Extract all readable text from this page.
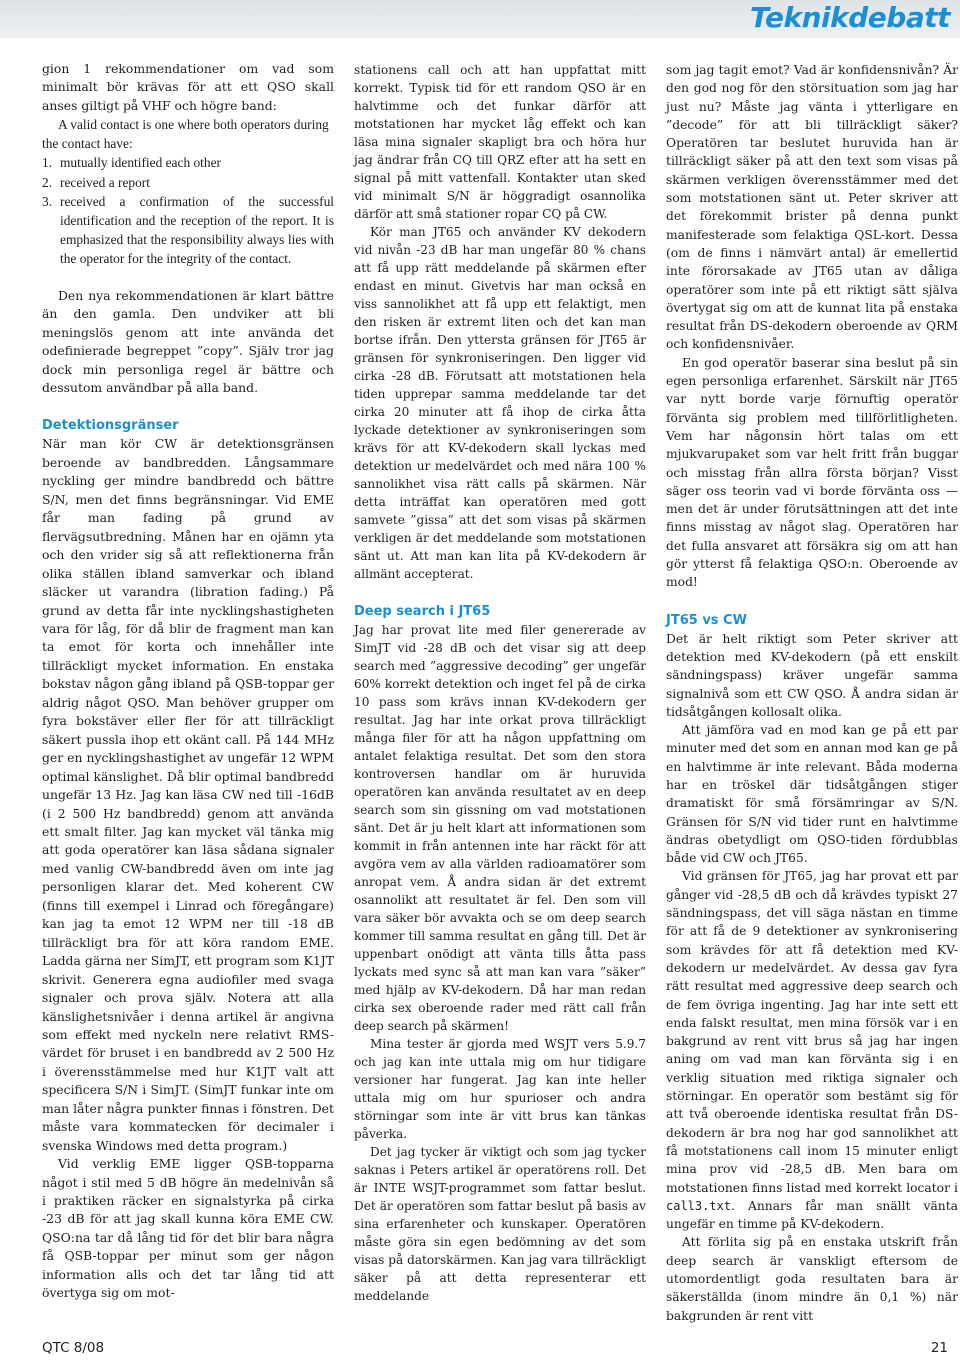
Teknikdebatt

gion 1 rekommendationer om vad som minimalt bör krävas för att ett QSO skall anses giltigt på VHF och högre band:

A valid contact is one where both operators during the contact have:

1. mutually identified each other
2. received a report
3. received a confirmation of the successful identification and the reception of the report. It is emphasized that the responsibility always lies with the operator for the integrity of the contact.

Den nya rekommendationen är klart bättre än den gamla. Den undviker att bli meningslös genom att inte använda det odefinierade begreppet ”copy”. Själv tror jag dock min personliga regel är bättre och dessutom användbar på alla band.

Detektionsgränser

När man kör CW är detektionsgränsen beroende av bandbredden. Långsammare nyckling ger mindre bandbredd och bättre S/N, men det finns begränsningar. Vid EME får man fading på grund av flervägsutbredning. Månen har en ojämn yta och den vrider sig så att reflektionerna från olika ställen ibland samverkar och ibland släcker ut varandra (libration fading.) På grund av detta får inte nycklingshastigheten vara för låg, för då blir de fragment man kan ta emot för korta och innehåller inte tillräckligt mycket information. En enstaka bokstav någon gång ibland på QSB-toppar ger aldrig något QSO. Man behöver grupper om fyra bokstäver eller fler för att tillräckligt säkert pussla ihop ett okänt call. På 144 MHz ger en nycklingshastighet av ungefär 12 WPM optimal känslighet. Då blir optimal bandbredd ungefär 13 Hz. Jag kan läsa CW ned till -16dB (i 2 500 Hz bandbredd) genom att använda ett smalt filter. Jag kan mycket väl tänka mig att goda operatörer kan läsa sådana signaler med vanlig CW-bandbredd även om inte jag personligen klarar det. Med koherent CW (finns till exempel i Linrad och föregångare) kan jag ta emot 12 WPM ner till -18 dB tillräckligt bra för att köra random EME. Ladda gärna ner SimJT, ett program som K1JT skrivit. Generera egna audiofiler med svaga signaler och prova själv. Notera att alla känslighetsnivåer i denna artikel är angivna som effekt med nyckeln nere relativt RMS-värdet för bruset i en bandbredd av 2 500 Hz i överensstämmelse med hur K1JT valt att specificera S/N i SimJT. (SimJT funkar inte om man låter några punkter finnas i fönstren. Det måste vara kommatecken för decimaler i svenska Windows med detta program.)

Vid verklig EME ligger QSB-topparna något i stil med 5 dB högre än medelnivån så i praktiken räcker en signalstyrka på cirka -23 dB för att jag skall kunna köra EME CW. QSO:na tar då lång tid för det blir bara några få QSB-toppar per minut som ger någon information alls och det tar lång tid att övertyga sig om mot-

stationens call och att han uppfattat mitt korrekt. Typisk tid för ett random QSO är en halvtimme och det funkar därför att motstationen har mycket låg effekt och kan läsa mina signaler skapligt bra och höra hur jag ändrar från CQ till QRZ efter att ha sett en signal på mitt vattenfall. Kontakter utan sked vid minimalt S/N är höggradigt osannolika därför att små stationer ropar CQ på CW.

Kör man JT65 och använder KV dekodern vid nivån -23 dB har man ungefär 80 % chans att få upp rätt meddelande på skärmen efter endast en minut. Givetvis har man också en viss sannolikhet att få upp ett felaktigt, men den risken är extremt liten och det kan man bortse ifrån. Den yttersta gränsen för JT65 är gränsen för synkroniseringen. Den ligger vid cirka -28 dB. Förutsatt att motstationen hela tiden upprepar samma meddelande tar det cirka 20 minuter att få ihop de cirka åtta lyckade detektioner av synkroniseringen som krävs för att KV-dekodern skall lyckas med detektion ur medelvärdet och med nära 100 % sannolikhet visa rätt calls på skärmen. När detta inträffat kan operatören med gott samvete ”gissa” att det som visas på skärmen verkligen är det meddelande som motstationen sänt ut. Att man kan lita på KV-dekodern är allmänt accepterat.

Deep search i JT65

Jag har provat lite med filer genererade av SimJT vid -28 dB och det visar sig att deep search med ”aggressive decoding” ger ungefär 60% korrekt detektion och inget fel på de cirka 10 pass som krävs innan KV-dekodern ger resultat. Jag har inte orkat prova tillräckligt många filer för att ha någon uppfattning om antalet felaktiga resultat. Det som den stora kontroversen handlar om är huruvida operatören kan använda resultatet av en deep search som sin gissning om vad motstationen sänt. Det är ju helt klart att informationen som kommit in från antennen inte har räckt för att avgöra vem av alla världen radioamatörer som anropat vem. Å andra sidan är det extremt osannolikt att resultatet är fel. Den som vill vara säker bör avvakta och se om deep search kommer till samma resultat en gång till. Det är uppenbart onödigt att vänta tills åtta pass lyckats med sync så att man kan vara ”säker” med hjälp av KV-dekodern. Då har man redan cirka sex oberoende rader med rätt call från deep search på skärmen!

Mina tester är gjorda med WSJT vers 5.9.7 och jag kan inte uttala mig om hur tidigare versioner har fungerat. Jag kan inte heller uttala mig om hur spurioser och andra störningar som inte är vitt brus kan tänkas påverka.

Det jag tycker är viktigt och som jag tycker saknas i Peters artikel är operatörens roll. Det är INTE WSJT-programmet som fattar beslut. Det är operatören som fattar beslut på basis av sina erfarenheter och kunskaper. Operatören måste göra sin egen bedömning av det som visas på datorskärmen. Kan jag vara tillräckligt säker på att detta representerar ett meddelande

som jag tagit emot? Vad är konfidensnivån? Är den god nog för den störsituation som jag har just nu? Måste jag vänta i ytterligare en ”decode” för att bli tillräckligt säker? Operatören tar beslutet huruvida han är tillräckligt säker på att den text som visas på skärmen verkligen överensstämmer med det som motstationen sänt ut. Peter skriver att det förekommit brister på denna punkt manifesterade som felaktiga QSL-kort. Dessa (om de finns i nämvärt antal) är emellertid inte förorsakade av JT65 utan av dåliga operatörer som inte på ett riktigt sätt själva övertygat sig om att de kunnat lita på enstaka resultat från DS-dekodern oberoende av QRM och konfidensnivåer.

En god operatör baserar sina beslut på sin egen personliga erfarenhet. Särskilt när JT65 var nytt borde varje förnuftig operatör förvänta sig problem med tillförlitligheten. Vem har någonsin hört talas om ett mjukvarupaket som var helt fritt från buggar och misstag från allra första början? Visst säger oss teorin vad vi borde förvänta oss — men det är under förutsättningen att det inte finns misstag av något slag. Operatören har det fulla ansvaret att försäkra sig om att han gör ytterst få felaktiga QSO:n. Oberoende av mod!

JT65 vs CW

Det är helt riktigt som Peter skriver att detektion med KV-dekodern (på ett enskilt sändningspass) kräver ungefär samma signalnivå som ett CW QSO. Å andra sidan är tidsåtgången kollosalt olika.

Att jämföra vad en mod kan ge på ett par minuter med det som en annan mod kan ge på en halvtimme är inte relevant. Båda moderna har en tröskel där tidsåtgången stiger dramatiskt för små försämringar av S/N. Gränsen för S/N vid tider runt en halvtimme ändras obetydligt om QSO-tiden fördubblas både vid CW och JT65.

Vid gränsen för JT65, jag har provat ett par gånger vid -28,5 dB och då krävdes typiskt 27 sändningspass, det vill säga nästan en timme för att få de 9 detektioner av synkronisering som krävdes för att få detektion med KV-dekodern ur medelvärdet. Av dessa gav fyra rätt resultat med aggressive deep search och de fem övriga ingenting. Jag har inte sett ett enda falskt resultat, men mina försök var i en bakgrund av rent vitt brus så jag har ingen aning om vad man kan förvänta sig i en verklig situation med riktiga signaler och störningar. En operatör som bestämt sig för att två oberoende identiska resultat från DS-dekodern är bra nog har god sannolikhet att få motstationens call inom 15 minuter enligt mina prov vid -28,5 dB. Men bara om motstationen finns listad med korrekt locator i call3.txt. Annars får man snällt vänta ungefär en timme på KV-dekodern.

Att förlita sig på en enstaka utskrift från deep search är vanskligt eftersom de utomordentligt goda resultaten bara är säkerställda (inom mindre än 0,1 %) när bakgrunden är rent vitt

QTC 8/08	21
